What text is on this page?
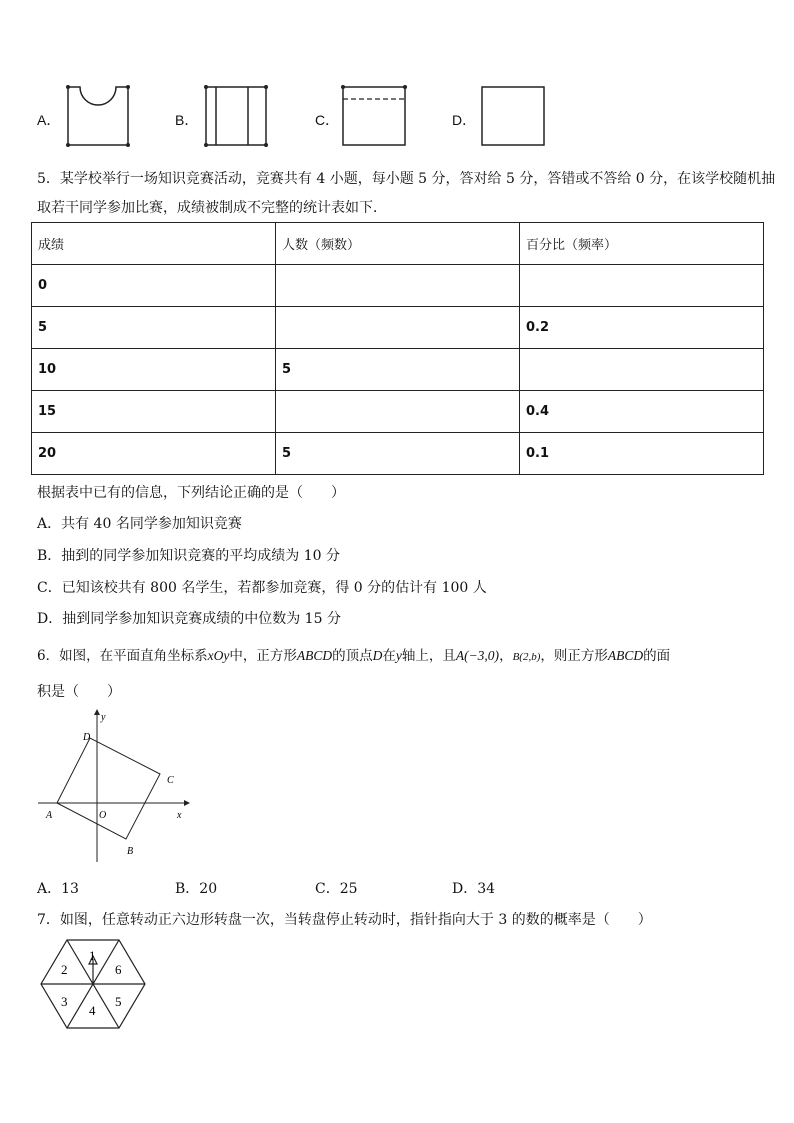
A．	B．	C．	D．
5．某学校举行一场知识竞赛活动，竞赛共有 4 小题，每小题 5 分，答对给 5 分，答错或不答给 0 分，在该学校随机抽
取若干同学参加比赛，成绩被制成不完整的统计表如下．
成绩	人数（频数）	百分比（频率）
0		
5		0.2
10	5	
15		0.4
20	5	0.1
根据表中已有的信息，下列结论正确的是（　　）
A．共有 40 名同学参加知识竞赛
B．抽到的同学参加知识竞赛的平均成绩为 10 分
C．已知该校共有 800 名学生，若都参加竞赛，得 0 分的估计有 100 人
D．抽到同学参加知识竞赛成绩的中位数为 15 分
6．如图，在平面直角坐标系xOy中，正方形ABCD的顶点D在y轴上，且A(−3,0)，B(2,b)，则正方形ABCD的面
积是（　　）
y
x
D
C
A	O
B
A．13	B．20	C．25	D．34
7．如图，任意转动正六边形转盘一次，当转盘停止转动时，指针指向大于 3 的数的概率是（　　）
1
2
3
4
5
6
